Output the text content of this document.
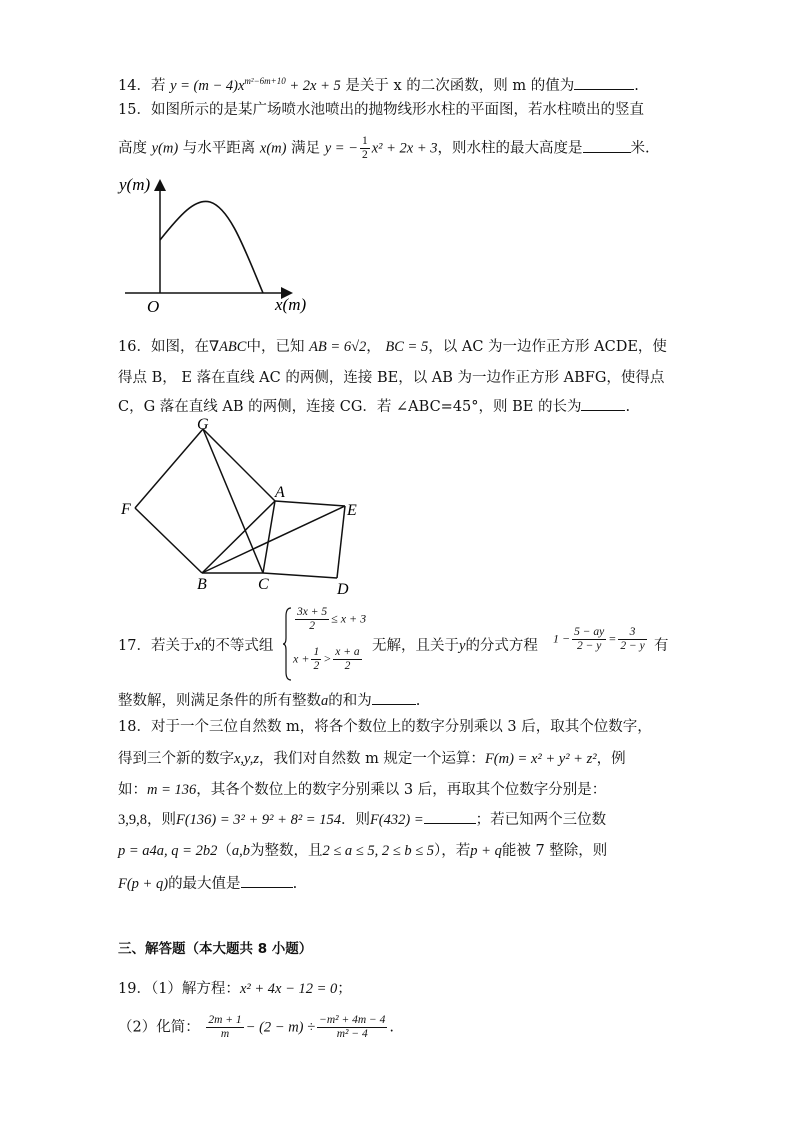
14．若 $y = (m - 4)x^{m^2-6m+10} + 2x + 5$ 是关于 x 的二次函数，则 m 的值为	.
15．如图所示的是某广场喷水池喷出的抛物线形水柱的平面图，若水柱喷出的竖直
高度 y(m) 与水平距离 x(m) 满足 y = − $\frac{1}{2} x^2 + 2x + 3$，则水柱的最大高度是	米.
y(m)
x(m)
O
16．如图，在∇ABC中，已知 AB = 6√2， BC = 5，以 AC 为一边作正方形 ACDE，使
得点 B， E 落在直线 AC 的两侧，连接 BE，以 AB 为一边作正方形 ABFG，使得点
C，G 落在直线 AB 的两侧，连接 CG．若 ∠ABC=45°，则 BE 的长为	.
G
F
A
E
B	C	D
17．若关于x的不等式组
$\frac{3x + 5}{2} \le x + 3$
$x + \frac{1}{2} > \frac{x + a}{2}$ 无解，且关于y的分式方程 $1 - \frac{5 - ay}{2 - y} = \frac{3}{2 - y}$ 有
整数解，则满足条件的所有整数a的和为	.
18．对于一个三位自然数 m，将各个数位上的数字分别乘以 3 后，取其个位数字，
得到三个新的数字x,y,z，我们对自然数 m 规定一个运算：F(m) = x² + y² + z²，例
如：m = 136，其各个数位上的数字分别乘以 3 后，再取其个位数字分别是：
3,9,8，则F(136) = 3² + 9² + 8² = 154．则F(432) =	；若已知两个三位数
p = a4a, q = 2b2（a,b为整数，且2 ≤ a ≤ 5, 2 ≤ b ≤ 5），若p + q能被 7 整除，则
F(p + q)的最大值是	.
三、解答题（本大题共 8 小题）
19．（1）解方程：x² + 4x − 12 = 0；
（2）化简： $\frac{2m + 1}{m} - (2 - m) \div \frac{\text{−m² + 4m − 4}}{\text{m² − 4}}$ .
